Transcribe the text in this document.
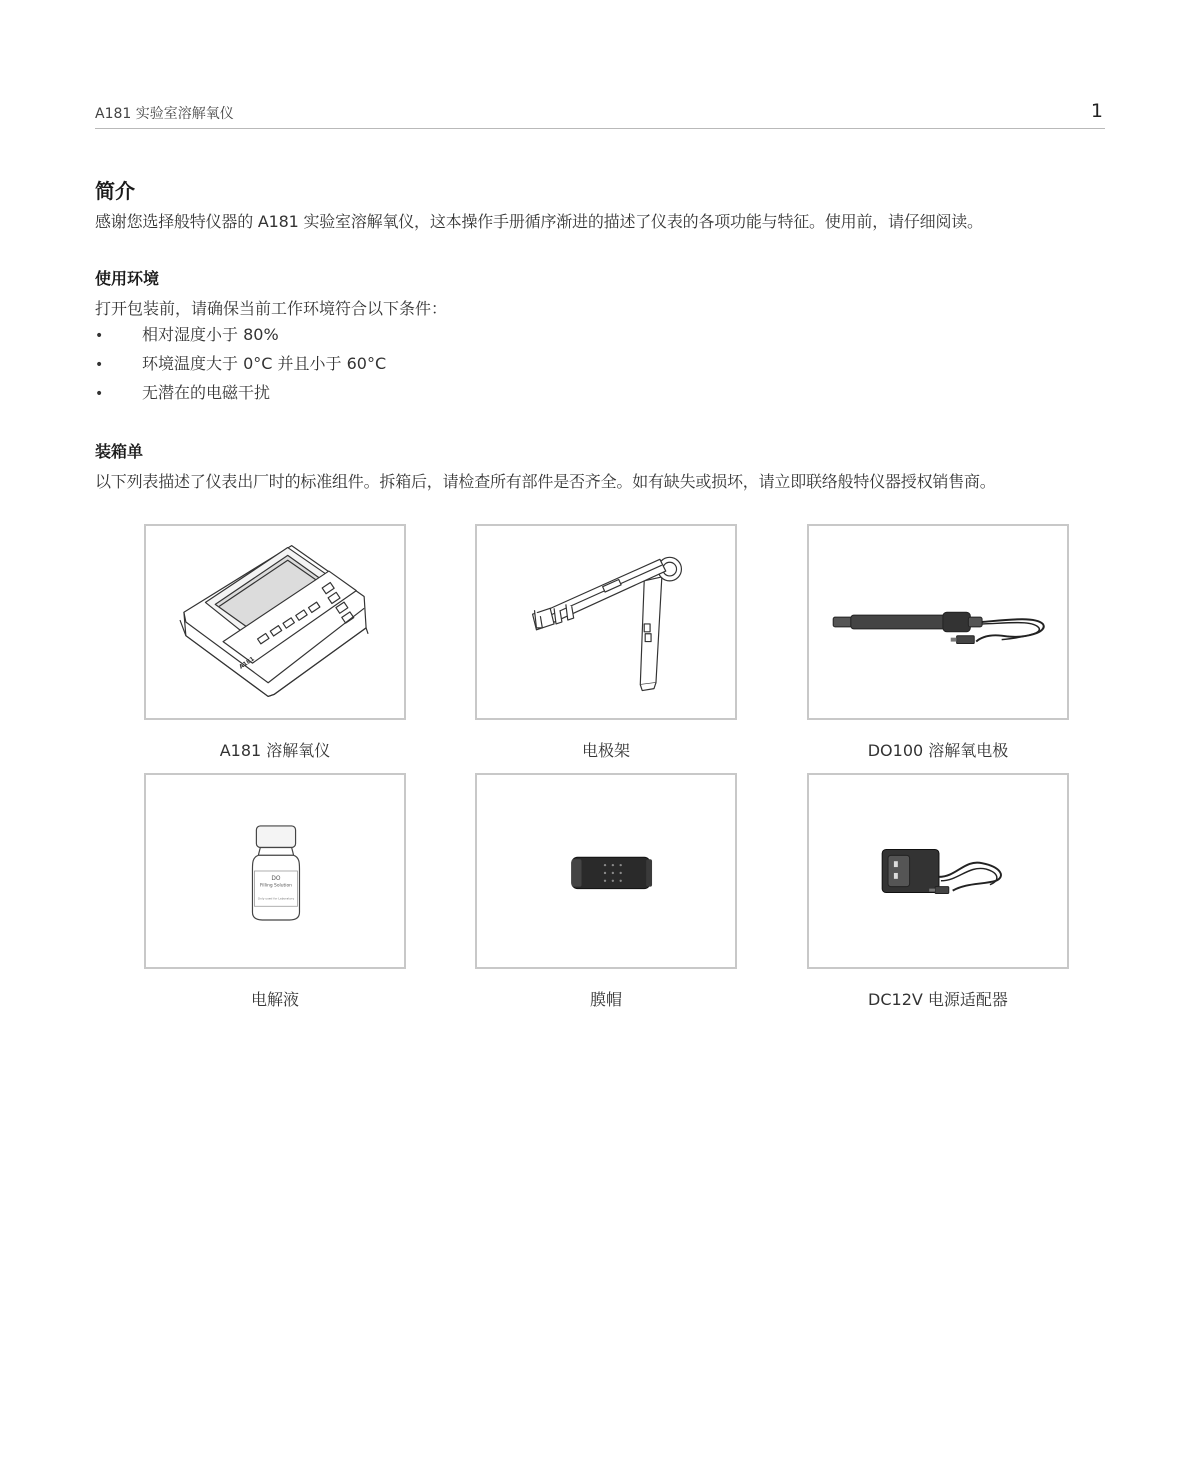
A181 实验室溶解氧仪	1
简介
感谢您选择般特仪器的 A181 实验室溶解氧仪，这本操作手册循序渐进的描述了仪表的各项功能与特征。使用前，请仔细阅读。
使用环境
打开包装前，请确保当前工作环境符合以下条件：
• 相对湿度小于 80%
• 环境温度大于 0°C 并且小于 60°C
• 无潜在的电磁干扰
装箱单
以下列表描述了仪表出厂时的标准组件。拆箱后，请检查所有部件是否齐全。如有缺失或损坏，请立即联络般特仪器授权销售商。
A181
A181 溶解氧仪	电极架	DO100 溶解氧电极
DO
Filling Solution
Only used for Laboratory
电解液	膜帽	DC12V 电源适配器
